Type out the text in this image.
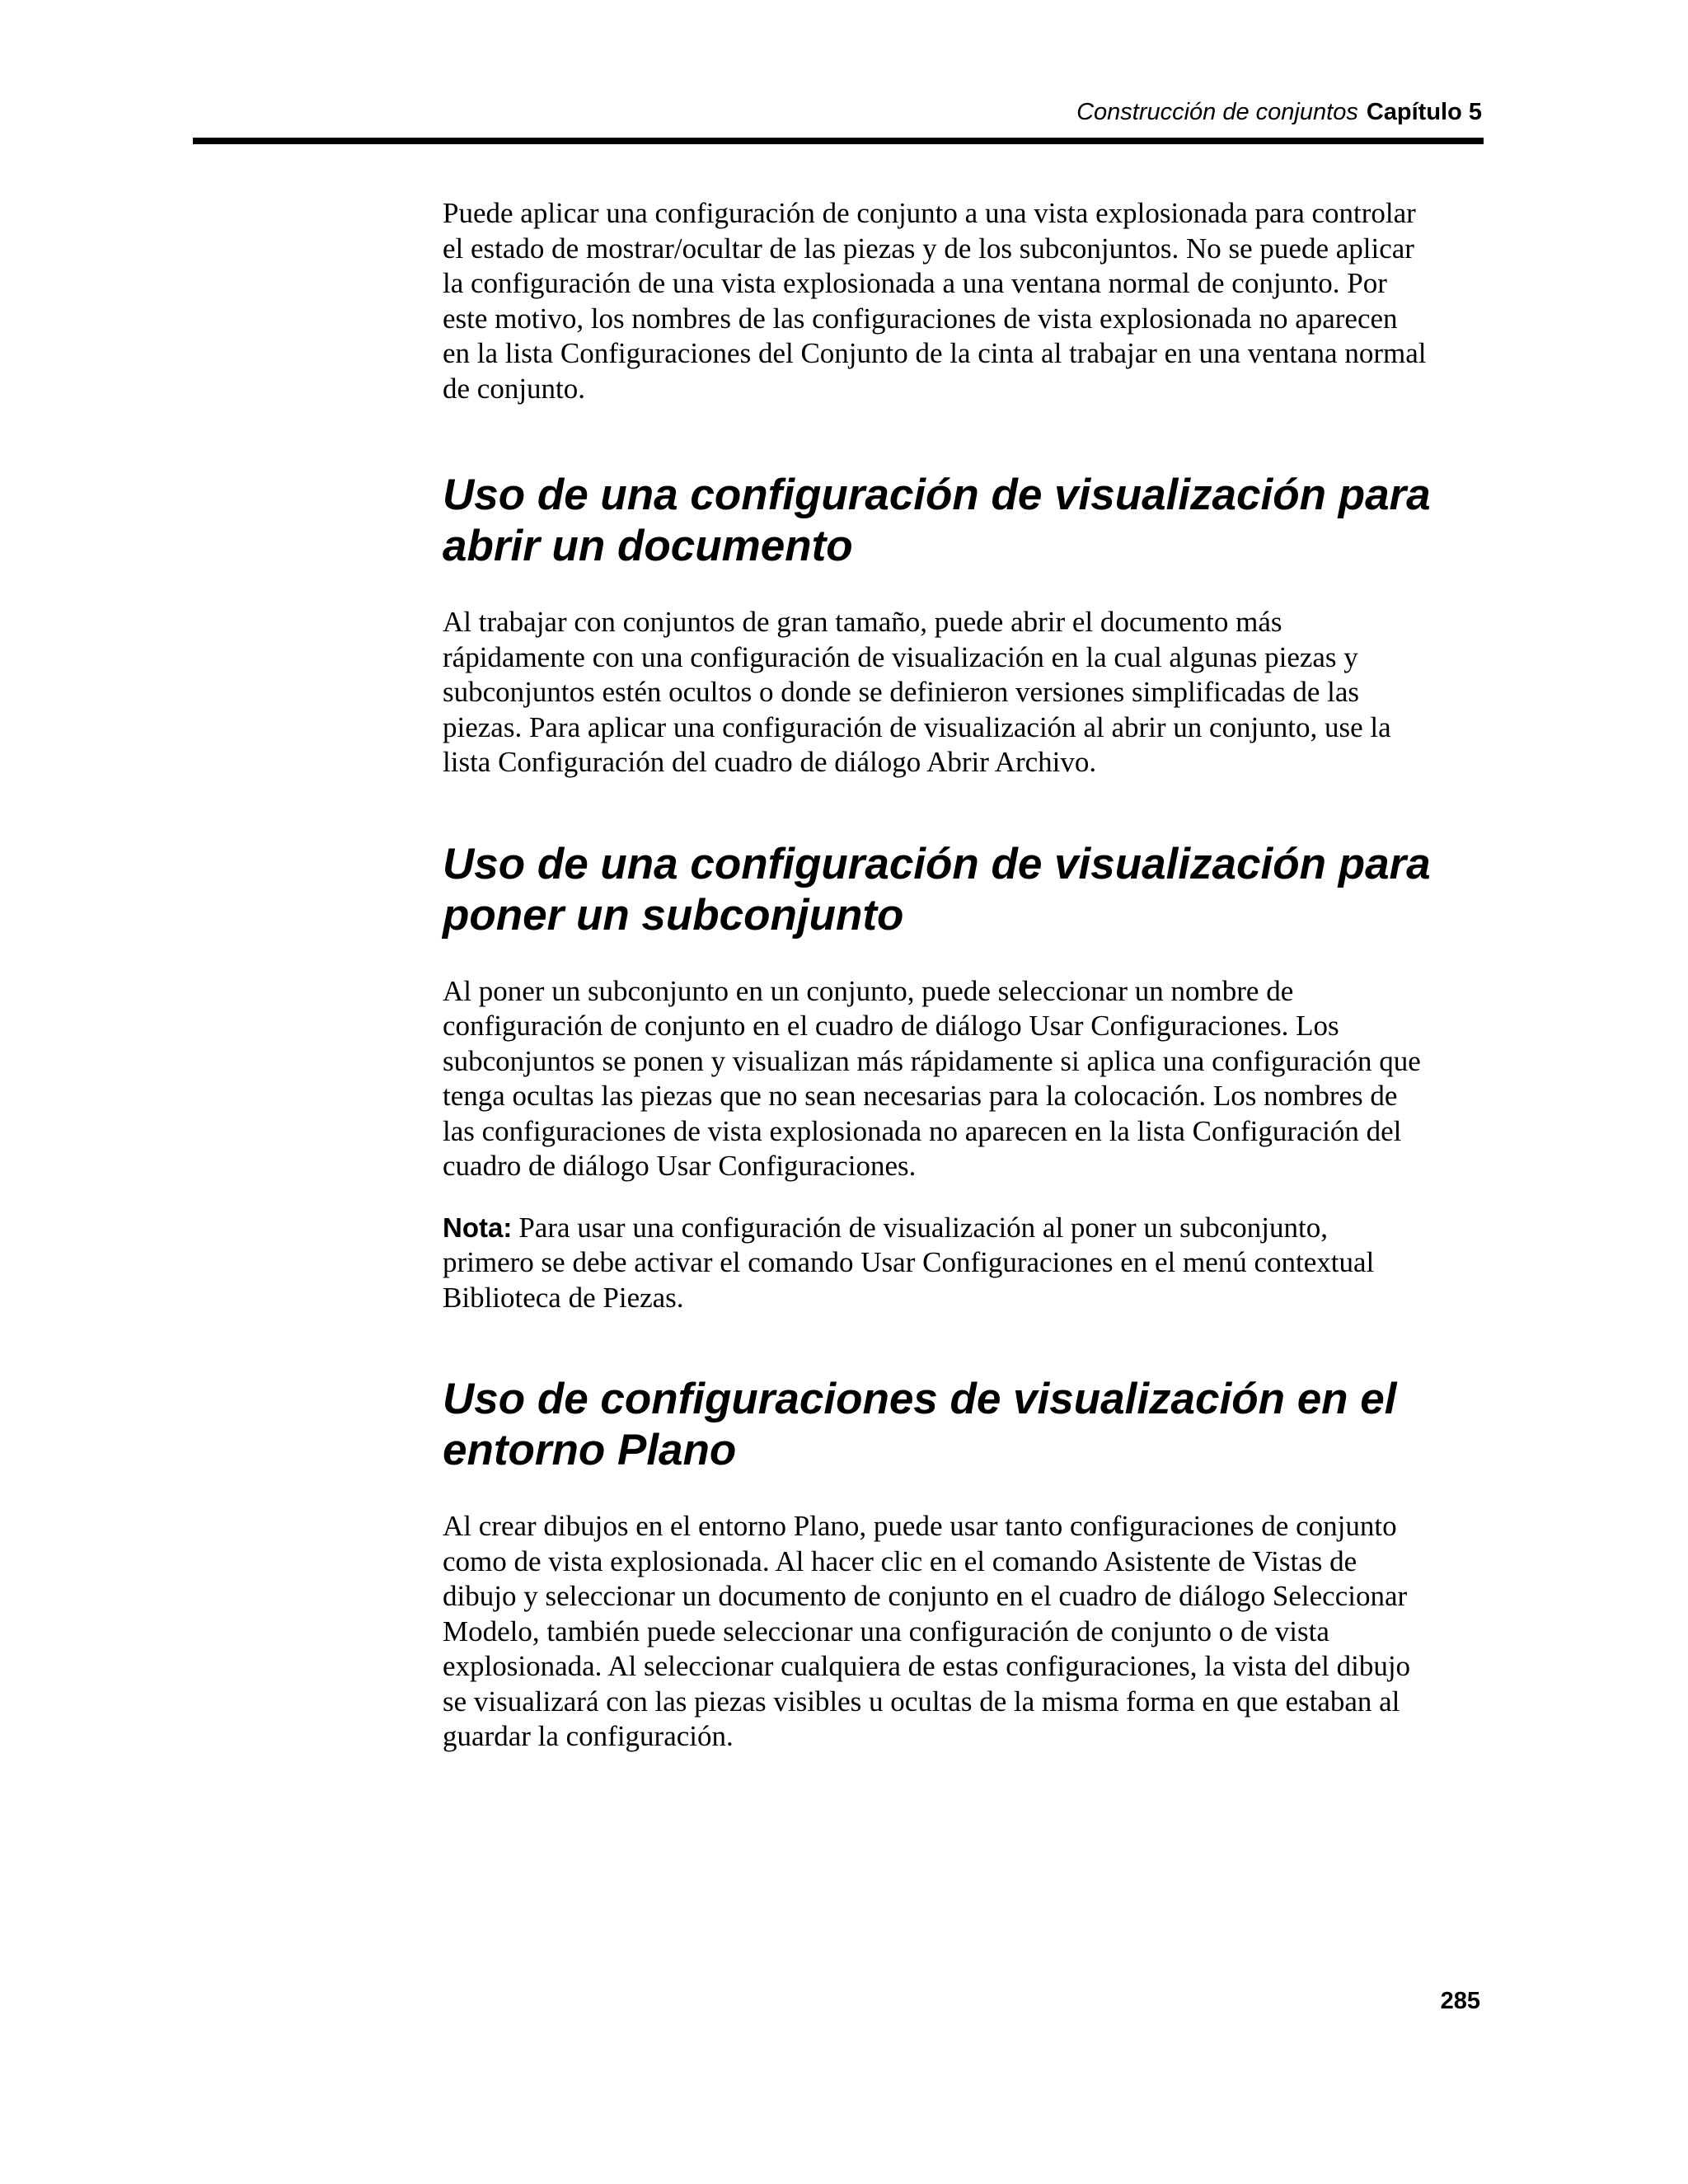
Construcción de conjuntos Capítulo 5

Puede aplicar una configuración de conjunto a una vista explosionada para controlar
el estado de mostrar/ocultar de las piezas y de los subconjuntos. No se puede aplicar
la configuración de una vista explosionada a una ventana normal de conjunto. Por
este motivo, los nombres de las configuraciones de vista explosionada no aparecen
en la lista Configuraciones del Conjunto de la cinta al trabajar en una ventana normal
de conjunto.

Uso de una configuración de visualización para
abrir un documento

Al trabajar con conjuntos de gran tamaño, puede abrir el documento más
rápidamente con una configuración de visualización en la cual algunas piezas y
subconjuntos estén ocultos o donde se definieron versiones simplificadas de las
piezas. Para aplicar una configuración de visualización al abrir un conjunto, use la
lista Configuración del cuadro de diálogo Abrir Archivo.

Uso de una configuración de visualización para
poner un subconjunto

Al poner un subconjunto en un conjunto, puede seleccionar un nombre de
configuración de conjunto en el cuadro de diálogo Usar Configuraciones. Los
subconjuntos se ponen y visualizan más rápidamente si aplica una configuración que
tenga ocultas las piezas que no sean necesarias para la colocación. Los nombres de
las configuraciones de vista explosionada no aparecen en la lista Configuración del
cuadro de diálogo Usar Configuraciones.

Nota: Para usar una configuración de visualización al poner un subconjunto,
primero se debe activar el comando Usar Configuraciones en el menú contextual
Biblioteca de Piezas.

Uso de configuraciones de visualización en el
entorno Plano

Al crear dibujos en el entorno Plano, puede usar tanto configuraciones de conjunto
como de vista explosionada. Al hacer clic en el comando Asistente de Vistas de
dibujo y seleccionar un documento de conjunto en el cuadro de diálogo Seleccionar
Modelo, también puede seleccionar una configuración de conjunto o de vista
explosionada. Al seleccionar cualquiera de estas configuraciones, la vista del dibujo
se visualizará con las piezas visibles u ocultas de la misma forma en que estaban al
guardar la configuración.

285
